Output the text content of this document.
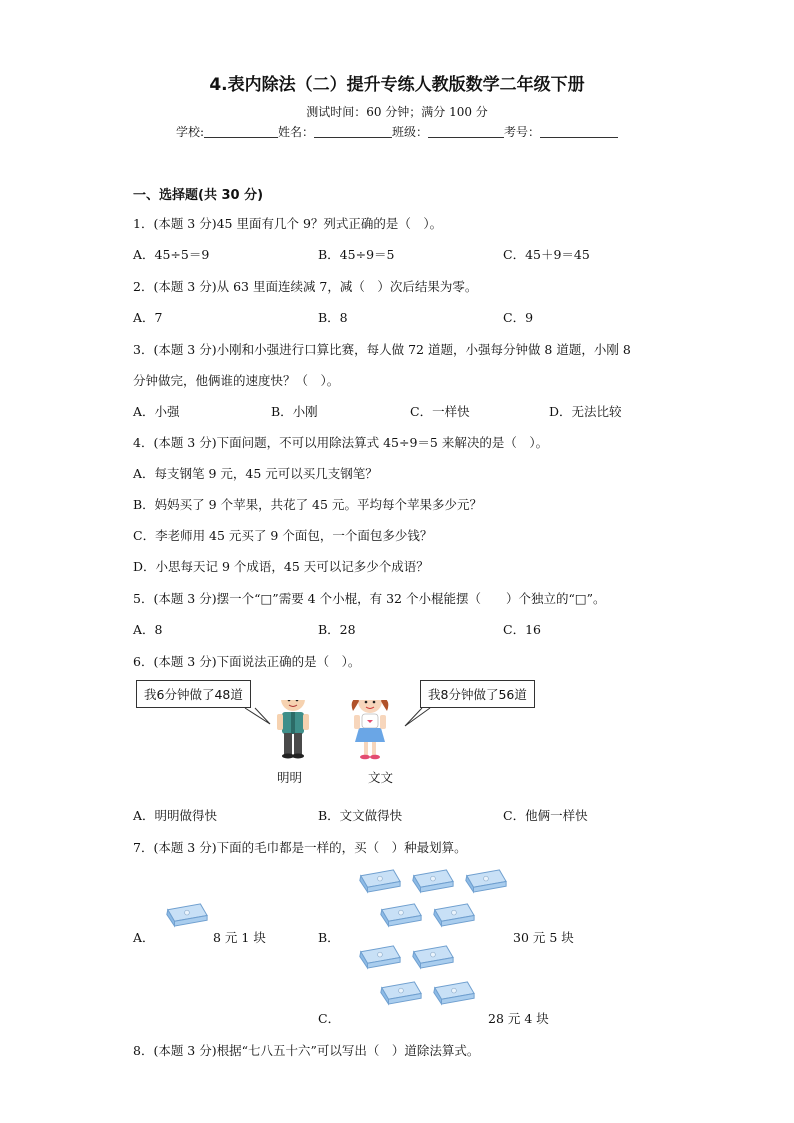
4.表内除法（二）提升专练人教版数学二年级下册
测试时间：60 分钟；满分 100 分
学校:	姓名：	班级：	考号：
一、选择题(共 30 分)
1．(本题 3 分)45 里面有几个 9？列式正确的是（　）。
A．45÷5＝9	B．45÷9＝5	C．45＋9＝45
2．(本题 3 分)从 63 里面连续减 7，减（　）次后结果为零。
A．7	B．8	C．9
3．(本题 3 分)小刚和小强进行口算比赛，每人做 72 道题，小强每分钟做 8 道题，小刚 8
分钟做完，他俩谁的速度快？（　）。
A．小强	B．小刚	C．一样快	D．无法比较
4．(本题 3 分)下面问题，不可以用除法算式 45÷9＝5 来解决的是（　）。
A．每支钢笔 9 元，45 元可以买几支钢笔？
B．妈妈买了 9 个苹果，共花了 45 元。平均每个苹果多少元？
C．李老师用 45 元买了 9 个面包，一个面包多少钱？
D．小思每天记 9 个成语，45 天可以记多少个成语？
5．(本题 3 分)摆一个“□”需要 4 个小棍，有 32 个小棍能摆（　　）个独立的“□”。
A．8	B．28	C．16
6．(本题 3 分)下面说法正确的是（　）。
我6分钟做了48道	我8分钟做了56道
明明	文文
A．明明做得快	B．文文做得快	C．他俩一样快
7．(本题 3 分)下面的毛巾都是一样的，买（　）种最划算。
A．	8 元 1 块	B．	30 元 5 块
C．	28 元 4 块
8．(本题 3 分)根据“七八五十六”可以写出（　）道除法算式。
